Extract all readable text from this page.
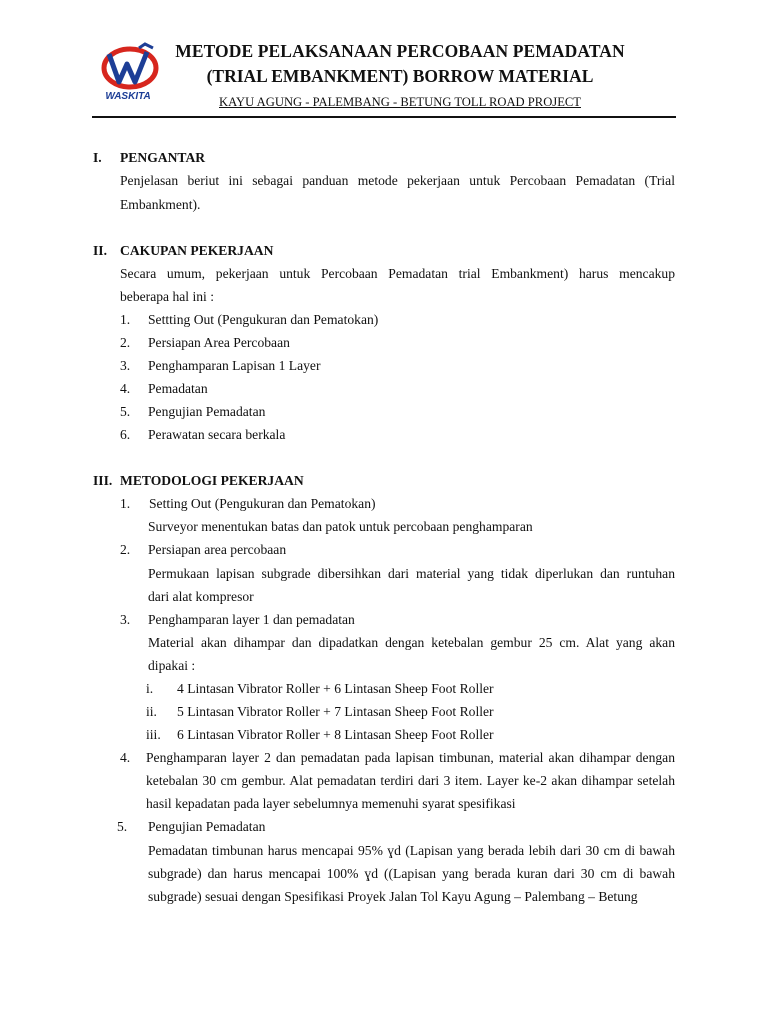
WASKITA
METODE PELAKSANAAN PERCOBAAN PEMADATAN
(TRIAL EMBANKMENT) BORROW MATERIAL
KAYU AGUNG - PALEMBANG - BETUNG TOLL ROAD PROJECT
I. PENGANTAR
Penjelasan beriut ini sebagai panduan metode pekerjaan untuk Percobaan Pemadatan (Trial
Embankment).
II. CAKUPAN PEKERJAAN
Secara umum, pekerjaan untuk Percobaan Pemadatan trial Embankment) harus mencakup
beberapa hal ini :
1. Settting Out (Pengukuran dan Pematokan)
2. Persiapan Area Percobaan
3. Penghamparan Lapisan 1 Layer
4. Pemadatan
5. Pengujian Pemadatan
6. Perawatan secara berkala
III. METODOLOGI PEKERJAAN
1. Setting Out (Pengukuran dan Pematokan)
Surveyor menentukan batas dan patok untuk percobaan penghamparan
2. Persiapan area percobaan
Permukaan lapisan subgrade dibersihkan dari material yang tidak diperlukan dan runtuhan
dari alat kompresor
3. Penghamparan layer 1 dan pemadatan
Material akan dihampar dan dipadatkan dengan ketebalan gembur 25 cm. Alat yang akan
dipakai :
i. 4 Lintasan Vibrator Roller + 6 Lintasan Sheep Foot Roller
ii. 5 Lintasan Vibrator Roller + 7 Lintasan Sheep Foot Roller
iii. 6 Lintasan Vibrator Roller + 8 Lintasan Sheep Foot Roller
4. Penghamparan layer 2 dan pemadatan pada lapisan timbunan, material akan dihampar dengan
ketebalan 30 cm gembur. Alat pemadatan terdiri dari 3 item. Layer ke-2 akan dihampar setelah
hasil kepadatan pada layer sebelumnya memenuhi syarat spesifikasi
5. Pengujian Pemadatan
Pemadatan timbunan harus mencapai 95% ɣd (Lapisan yang berada lebih dari 30 cm di bawah
subgrade) dan harus mencapai 100% ɣd ((Lapisan yang berada kuran dari 30 cm di bawah
subgrade) sesuai dengan Spesifikasi Proyek Jalan Tol Kayu Agung – Palembang – Betung
